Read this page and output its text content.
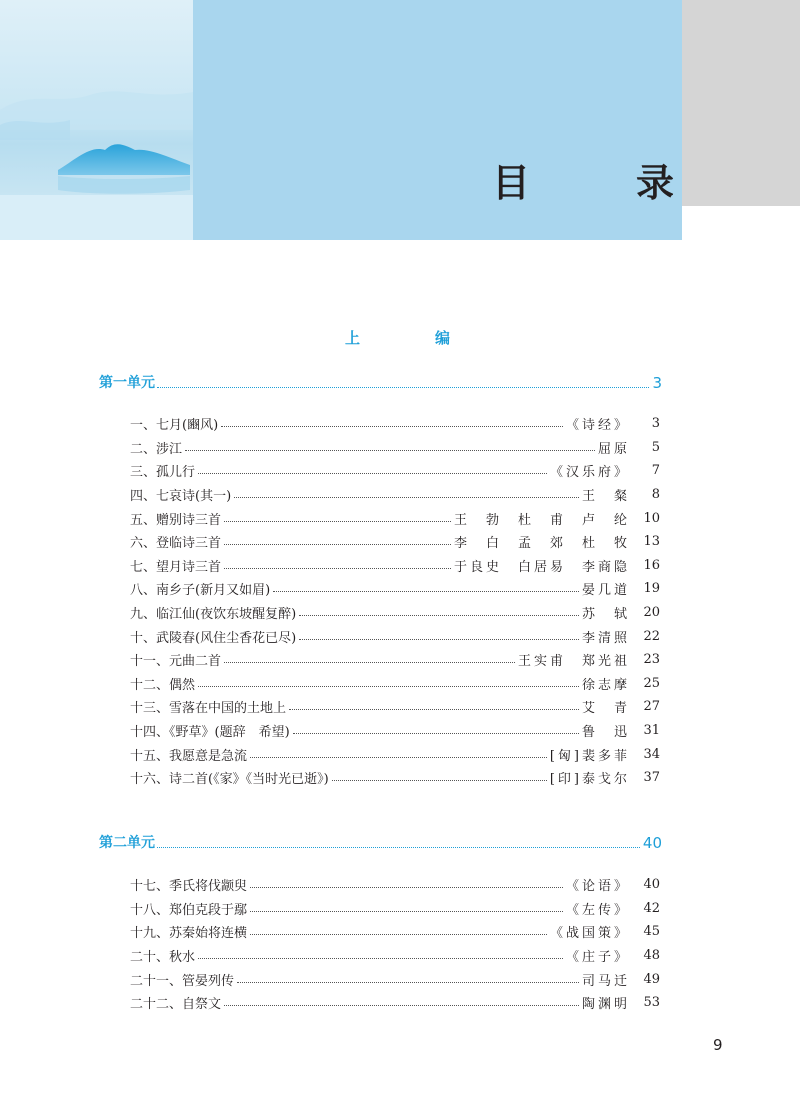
目　录
上　编
第一单元	3
一、七月(豳风)	《诗经》	3
二、涉江	屈原	5
三、孤儿行	《汉乐府》	7
四、七哀诗(其一)	王　粲	8
五、赠别诗三首	王　勃　杜　甫　卢　纶	10
六、登临诗三首	李　白　孟　郊　杜　牧	13
七、望月诗三首	于良史　白居易　李商隐	16
八、南乡子(新月又如眉)	晏几道	19
九、临江仙(夜饮东坡醒复醉)	苏　轼	20
十、武陵春(风住尘香花已尽)	李清照	22
十一、元曲二首	王实甫　郑光祖	23
十二、偶然	徐志摩	25
十三、雪落在中国的土地上	艾　青	27
十四、《野草》(题辞　希望)	鲁　迅	31
十五、我愿意是急流	[匈]裴多菲	34
十六、诗二首(《家》《当时光已逝》)	[印]泰戈尔	37
第二单元	40
十七、季氏将伐颛臾	《论语》	40
十八、郑伯克段于鄢	《左传》	42
十九、苏秦始将连横	《战国策》	45
二十、秋水	《庄子》	48
二十一、管晏列传	司马迁	49
二十二、自祭文	陶渊明	53
9
